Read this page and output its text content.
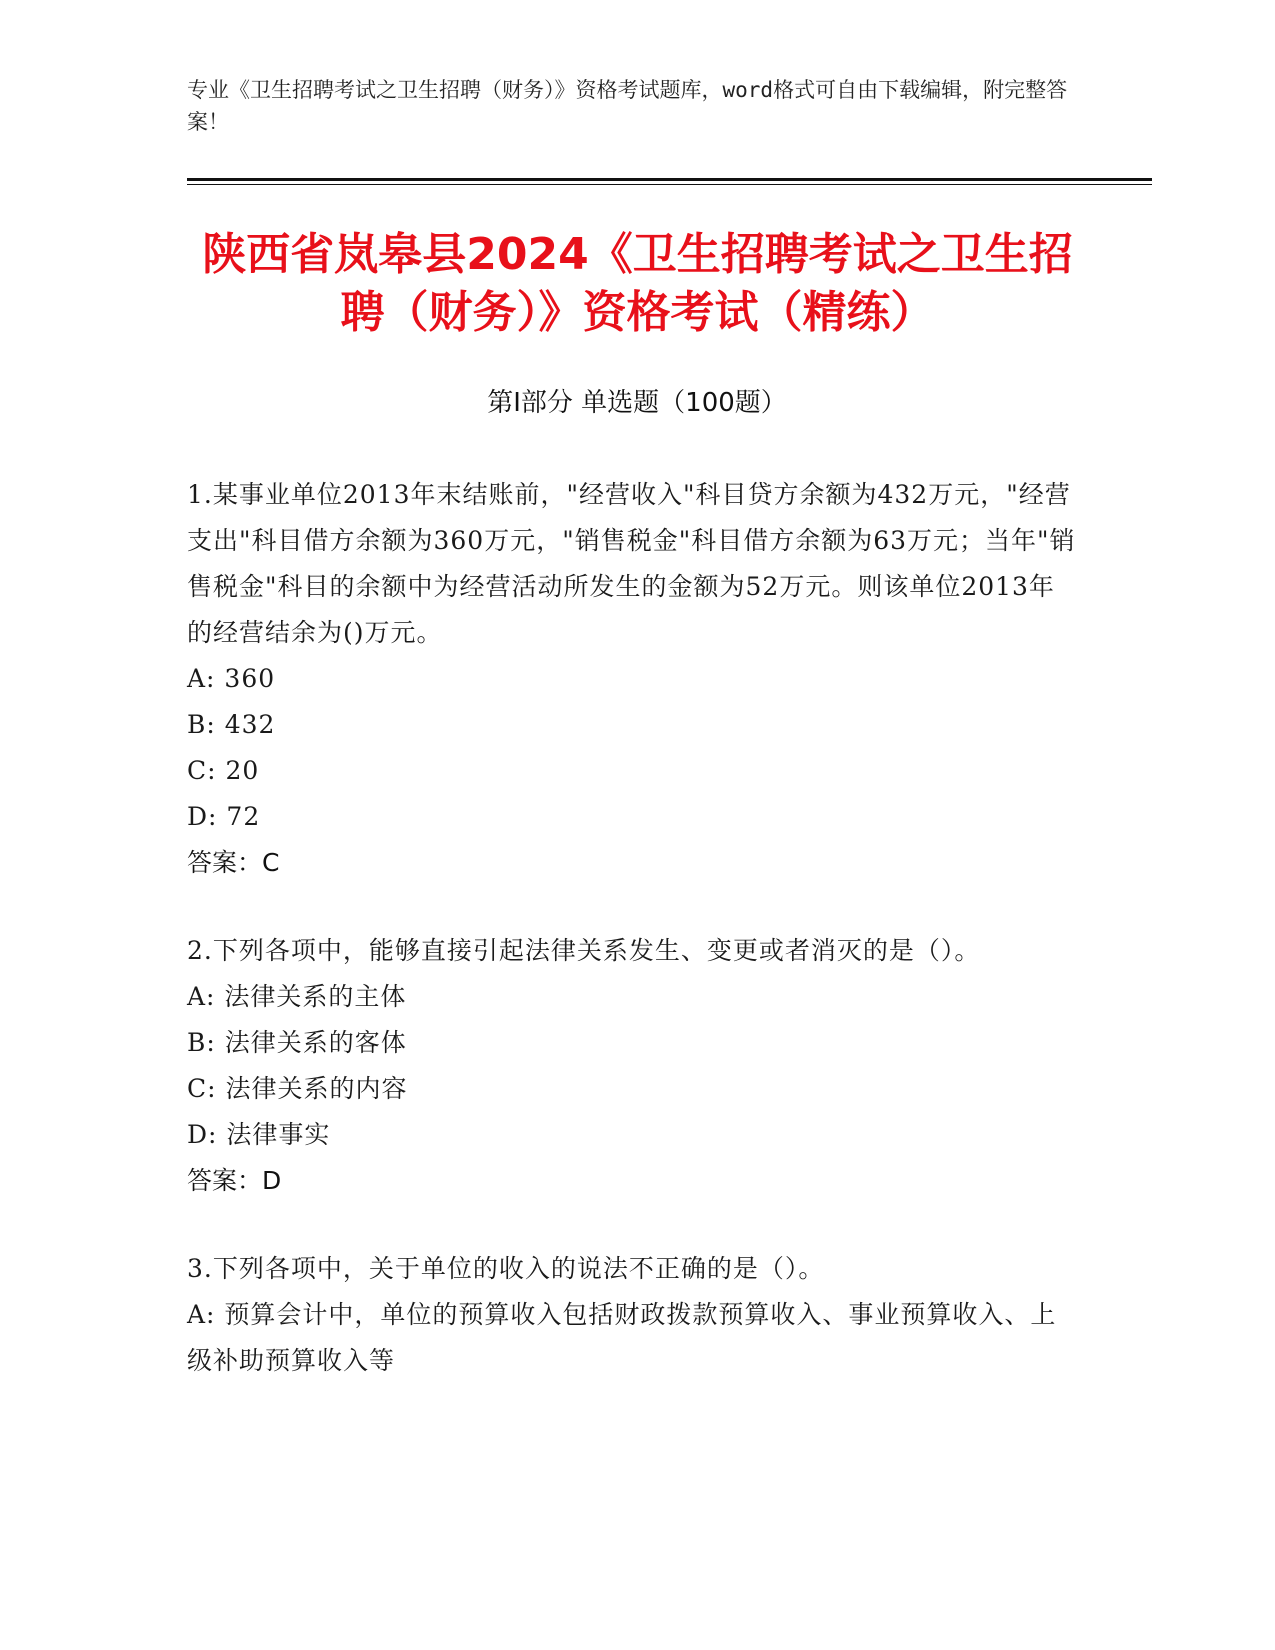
专业《卫生招聘考试之卫生招聘（财务）》资格考试题库，word格式可自由下载编辑，附完整答案！
陕西省岚皋县2024《卫生招聘考试之卫生招
聘（财务）》资格考试（精练）
第Ⅰ部分 单选题（100题）
1.某事业单位2013年末结账前，"经营收入"科目贷方余额为432万元，"经营支出"科目借方余额为360万元，"销售税金"科目借方余额为63万元；当年"销售税金"科目的余额中为经营活动所发生的金额为52万元。则该单位2013年的经营结余为()万元。
A: 360
B: 432
C: 20
D: 72
答案：C
2.下列各项中，能够直接引起法律关系发生、变更或者消灭的是（）。
A: 法律关系的主体
B: 法律关系的客体
C: 法律关系的内容
D: 法律事实
答案：D
3.下列各项中，关于单位的收入的说法不正确的是（）。
A: 预算会计中，单位的预算收入包括财政拨款预算收入、事业预算收入、上级补助预算收入等
